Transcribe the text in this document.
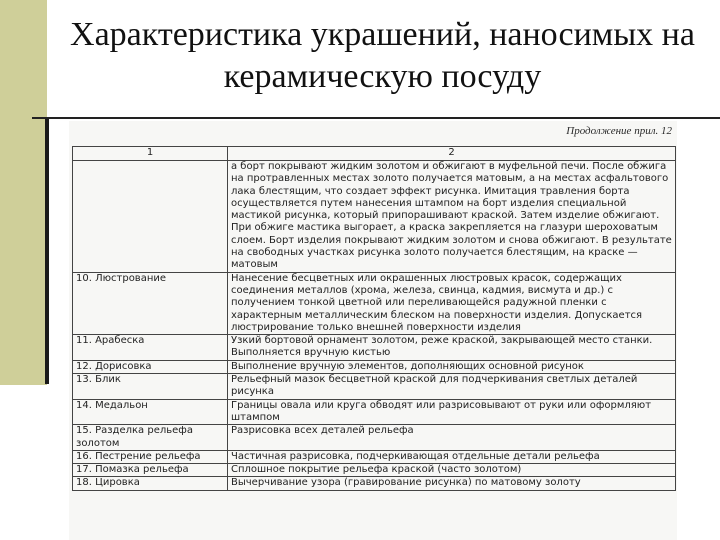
Характеристика украшений, наносимых на керамическую посуду
Продолжение прил. 12
1	2
	а борт покрывают жидким золотом и обжигают в муфельной печи. После обжига на протравленных местах золото получается матовым, а на местах асфальтового лака блестящим, что создает эффект рисунка. Имитация травления борта осуществляется путем нанесения штампом на борт изделия специальной мастикой рисунка, который припорашивают краской. Затем изделие обжигают. При обжиге мастика выгорает, а краска закрепляется на глазури шероховатым слоем. Борт изделия покрывают жидким золотом и снова обжигают. В результате на свободных участках рисунка золото получается блестящим, на краске — матовым
10. Люстрование	Нанесение бесцветных или окрашенных люстровых красок, содержащих соединения металлов (хрома, железа, свинца, кадмия, висмута и др.) с получением тонкой цветной или переливающейся радужной пленки с характерным металлическим блеском на поверхности изделия. Допускается люстрирование только внешней поверхности изделия
11. Арабеска	Узкий бортовой орнамент золотом, реже краской, закрывающей место станки. Выполняется вручную кистью
12. Дорисовка	Выполнение вручную элементов, дополняющих основной рисунок
13. Блик	Рельефный мазок бесцветной краской для подчеркивания светлых деталей рисунка
14. Медальон	Границы овала или круга обводят или разрисовывают от руки или оформляют штампом
15. Разделка рельефа золотом	Разрисовка всех деталей рельефа
16. Пестрение рельефа	Частичная разрисовка, подчеркивающая отдельные детали рельефа
17. Помазка рельефа	Сплошное покрытие рельефа краской (часто золотом)
18. Цировка	Вычерчивание узора (гравирование рисунка) по матовому золоту
